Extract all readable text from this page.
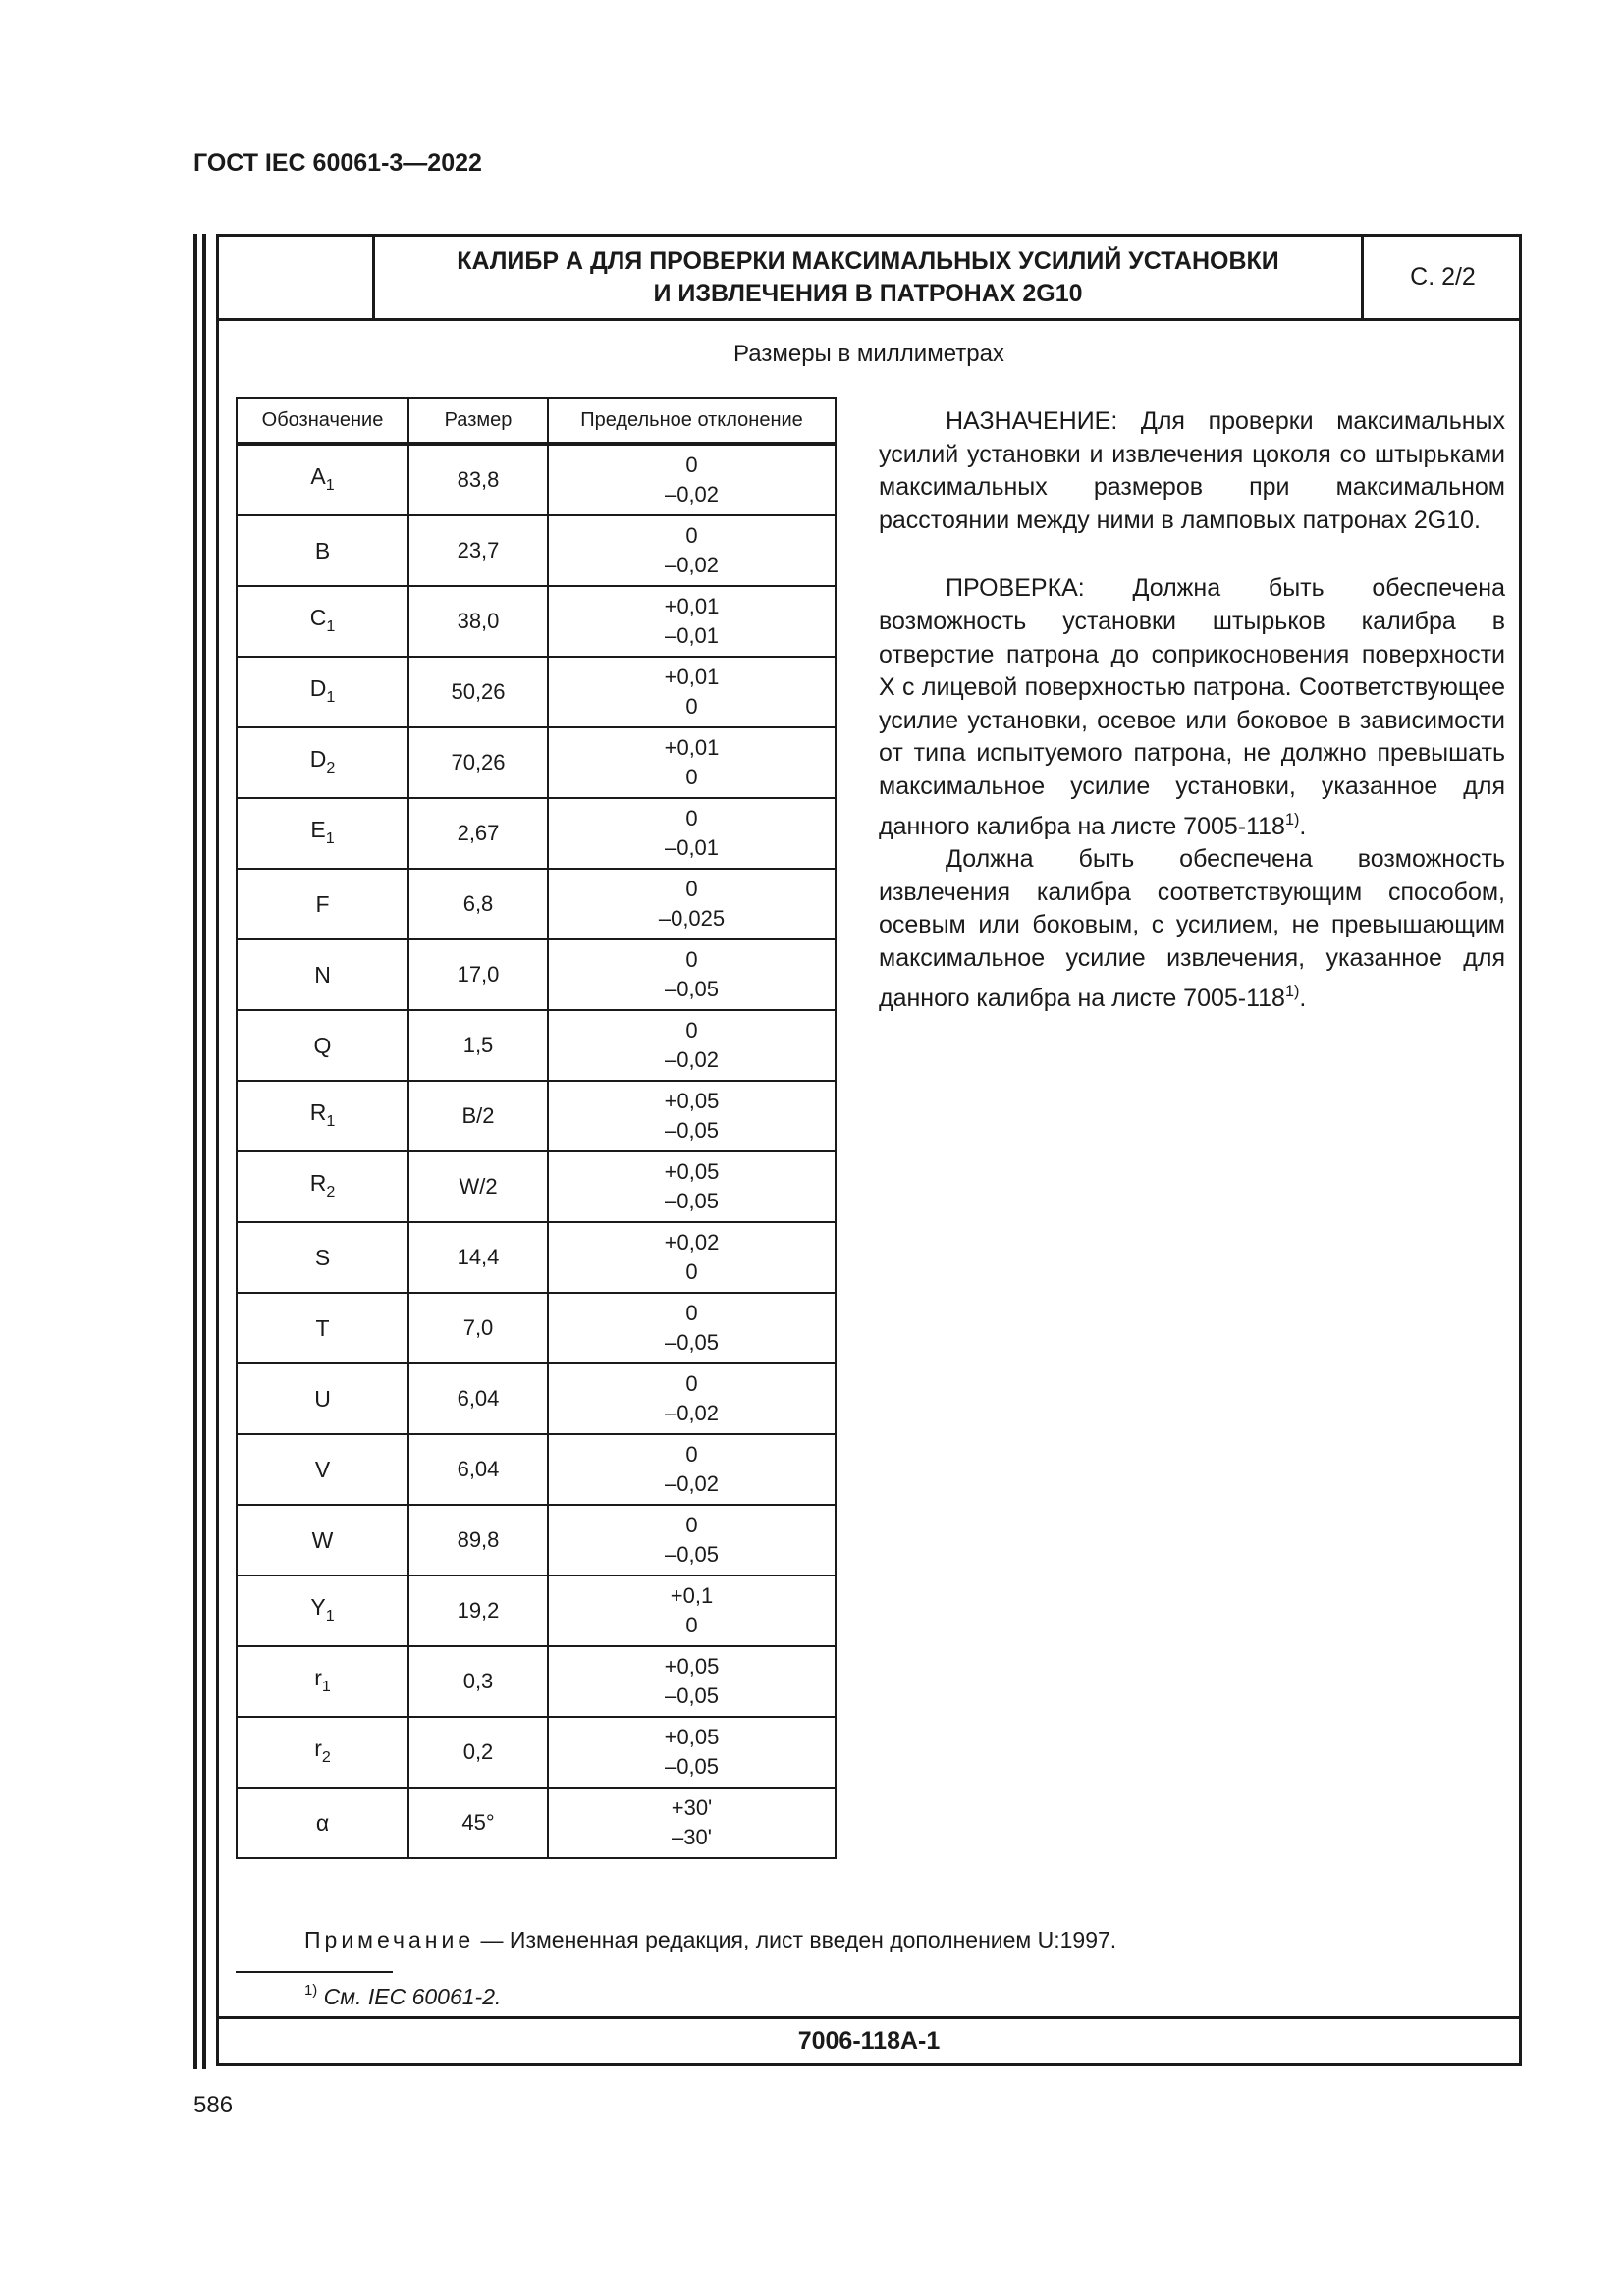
ГОСТ IEC 60061-3—2022
КАЛИБР А ДЛЯ ПРОВЕРКИ МАКСИМАЛЬНЫХ УСИЛИЙ УСТАНОВКИ
И ИЗВЛЕЧЕНИЯ В ПАТРОНАХ 2G10
С. 2/2
Размеры в миллиметрах
Обозначение	Размер	Предельное отклонение
$A_1$	83,8	0
–0,02

B	23,7	0
–0,02

$C_1$	38,0	+0,01
–0,01

$D_1$	50,26	+0,01
0

$D_2$	70,26	+0,01
0

$E_1$	2,67	0
–0,01

F	6,8	0
–0,025

N	17,0	0
–0,05

Q	1,5	0
–0,02

$R_1$	B/2	+0,05
–0,05

$R_2$	W/2	+0,05
–0,05

S	14,4	+0,02
0

T	7,0	0
–0,05

U	6,04	0
–0,02

V	6,04	0
–0,02

W	89,8	0
–0,05

$Y_1$	19,2	+0,1
0

$r_1$	0,3	+0,05
–0,05

$r_2$	0,2	+0,05
–0,05

α	45°	+30'
–30'

НАЗНАЧЕНИЕ: Для проверки максимальных усилий установки и извлечения цоколя со штырьками максимальных размеров при максимальном расстоянии между ними в ламповых патронах 2G10.

ПРОВЕРКА: Должна быть обеспечена возможность установки штырьков калибра в отверстие патрона до соприкосновения поверхности X с лицевой поверхностью патрона. Соответствующее усилие установки, осевое или боковое в зависимости от типа испытуемого патрона, не должно превышать максимальное усилие установки, указанное для данного калибра на листе 7005-118$^{1)}$.

Должна быть обеспечена возможность извлечения калибра соответствующим способом, осевым или боковым, с усилием, не превышающим максимальное усилие извлечения, указанное для данного калибра на листе 7005-118$^{1)}$.

Примечание — Измененная редакция, лист введен дополнением U:1997.
$^{1)}$ См. IEC 60061-2.
7006-118A-1
586
